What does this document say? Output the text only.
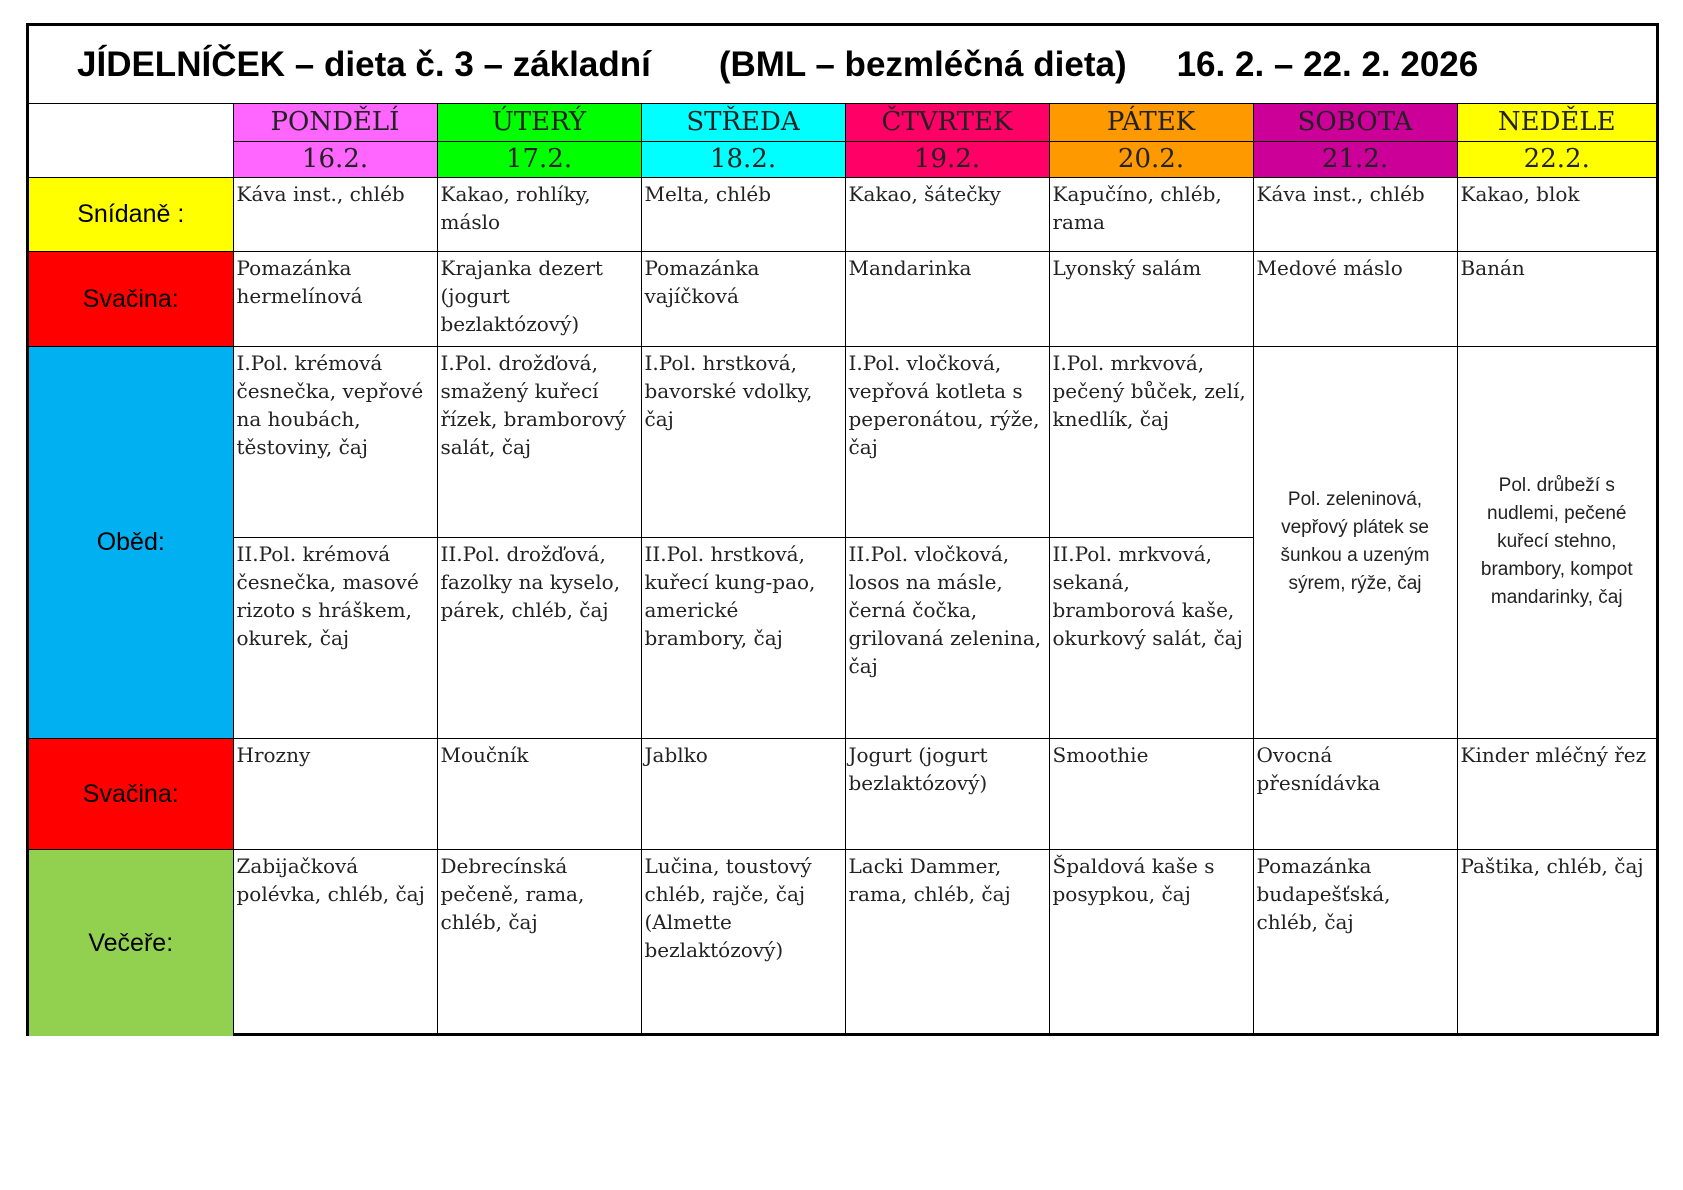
JÍDELNÍČEK – dieta č. 3 – základní (BML – bezmléčná dieta) 16. 2. – 22. 2. 2026
	PONDĚLÍ	ÚTERÝ	STŘEDA	ČTVRTEK	PÁTEK	SOBOTA	NEDĚLE
	16.2.	17.2.	18.2.	19.2.	20.2.	21.2.	22.2.
Snídaně :	Káva inst., chléb	Kakao, rohlíky, máslo	Melta, chléb	Kakao, šátečky	Kapučíno, chléb, rama	Káva inst., chléb	Kakao, blok
Svačina:	Pomazánka hermelínová	Krajanka dezert (jogurt bezlaktózový)	Pomazánka vajíčková	Mandarinka	Lyonský salám	Medové máslo	Banán
Oběd:	I.Pol. krémová česnečka, vepřové na houbách, těstoviny, čaj	I.Pol. drožďová, smažený kuřecí řízek, bramborový salát, čaj	I.Pol. hrstková, bavorské vdolky, čaj	I.Pol. vločková, vepřová kotleta s peperonátou, rýže, čaj	I.Pol. mrkvová, pečený bůček, zelí, knedlík, čaj	Pol. zeleninová, vepřový plátek se šunkou a uzeným sýrem, rýže, čaj	Pol. drůbeží s nudlemi, pečené kuřecí stehno, brambory, kompot mandarinky, čaj
	II.Pol. krémová česnečka, masové rizoto s hráškem, okurek, čaj	II.Pol. drožďová, fazolky na kyselo, párek, chléb, čaj	II.Pol. hrstková, kuřecí kung-pao, americké brambory, čaj	II.Pol. vločková, losos na másle, černá čočka, grilovaná zelenina, čaj	II.Pol. mrkvová, sekaná, bramborová kaše, okurkový salát, čaj		
Svačina:	Hrozny	Moučník	Jablko	Jogurt (jogurt bezlaktózový)	Smoothie	Ovocná přesnídávka	Kinder mléčný řez
Večeře:	Zabijačková polévka, chléb, čaj	Debrecínská pečeně, rama, chléb, čaj	Lučina, toustový chléb, rajče, čaj (Almette bezlaktózový)	Lacki Dammer, rama, chléb, čaj	Špaldová kaše s posypkou, čaj	Pomazánka budapešťská, chléb, čaj	Paštika, chléb, čaj
